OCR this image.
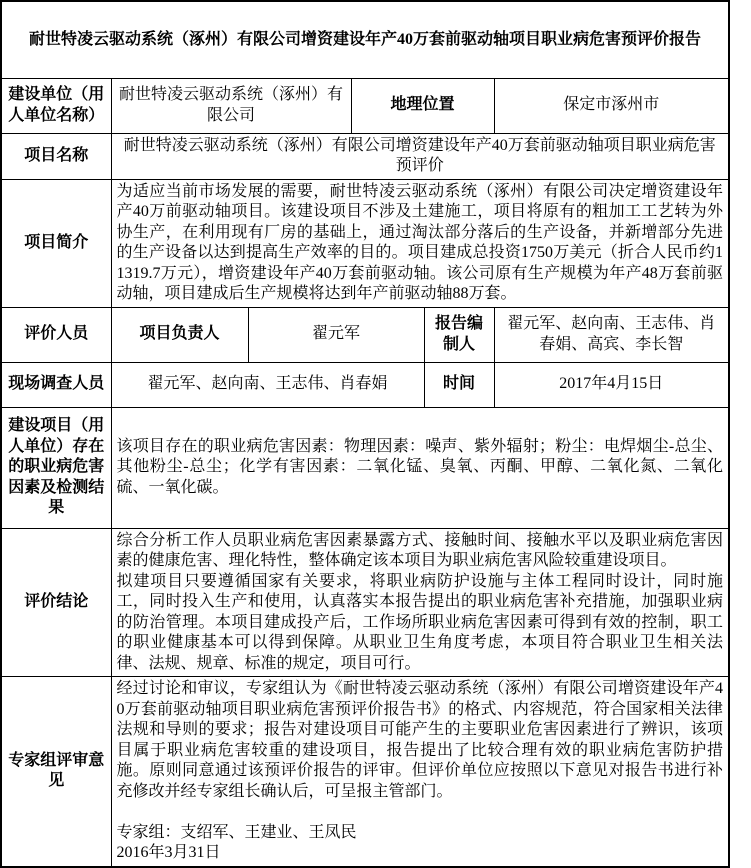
耐世特凌云驱动系统（涿州）有限公司增资建设年产40万套前驱动轴项目职业病危害预评价报告					
建设单位（用人单位名称）	耐世特凌云驱动系统（涿州）有限公司		地理位置		保定市涿州市
项目名称	耐世特凌云驱动系统（涿州）有限公司增资建设年产40万套前驱动轴项目职业病危害预评价				
项目简介	为适应当前市场发展的需要，耐世特凌云驱动系统（涿州）有限公司决定增资建设年产40万前驱动轴项目。该建设项目不涉及土建施工，项目将原有的粗加工工艺转为外协生产，在利用现有厂房的基础上，通过淘汰部分落后的生产设备，并新增部分先进的生产设备以达到提高生产效率的目的。项目建成总投资1750万美元（折合人民币约11319.7万元），增资建设年产40万套前驱动轴。该公司原有生产规模为年产48万套前驱动轴，项目建成后生产规模将达到年产前驱动轴88万套。				
评价人员	项目负责人	翟元军		报告编制人	翟元军、赵向南、王志伟、肖春娟、高宾、李长智
现场调查人员	翟元军、赵向南、王志伟、肖春娟			时间	2017年4月15日
建设项目（用人单位）存在的职业病危害因素及检测结果	该项目存在的职业病危害因素：物理因素：噪声、紫外辐射；粉尘：电焊烟尘-总尘、其他粉尘-总尘；化学有害因素：二氧化锰、臭氧、丙酮、甲醇、二氧化氮、二氧化硫、一氧化碳。				
评价结论	综合分析工作人员职业病危害因素暴露方式、接触时间、接触水平以及职业病危害因素的健康危害、理化特性，整体确定该本项目为职业病危害风险较重建设项目。
拟建项目只要遵循国家有关要求，将职业病防护设施与主体工程同时设计，同时施工，同时投入生产和使用，认真落实本报告提出的职业病危害补充措施，加强职业病的防治管理。本项目建成投产后，工作场所职业病危害因素可得到有效的控制，职工的职业健康基本可以得到保障。从职业卫生角度考虑，本项目符合职业卫生相关法律、法规、规章、标准的规定，项目可行。				

专家组评审意见	经过讨论和审议，专家组认为《耐世特凌云驱动系统（涿州）有限公司增资建设年产40万套前驱动轴项目职业病危害预评价报告书》的格式、内容规范，符合国家相关法律法规和导则的要求；报告对建设项目可能产生的主要职业危害因素进行了辨识，该项目属于职业病危害较重的建设项目，报告提出了比较合理有效的职业病危害防护措施。原则同意通过该预评价报告的评审。但评价单位应按照以下意见对报告书进行补充修改并经专家组长确认后，可呈报主管部门。
专家组：支绍军、王建业、王凤民
2016年3月31日				
